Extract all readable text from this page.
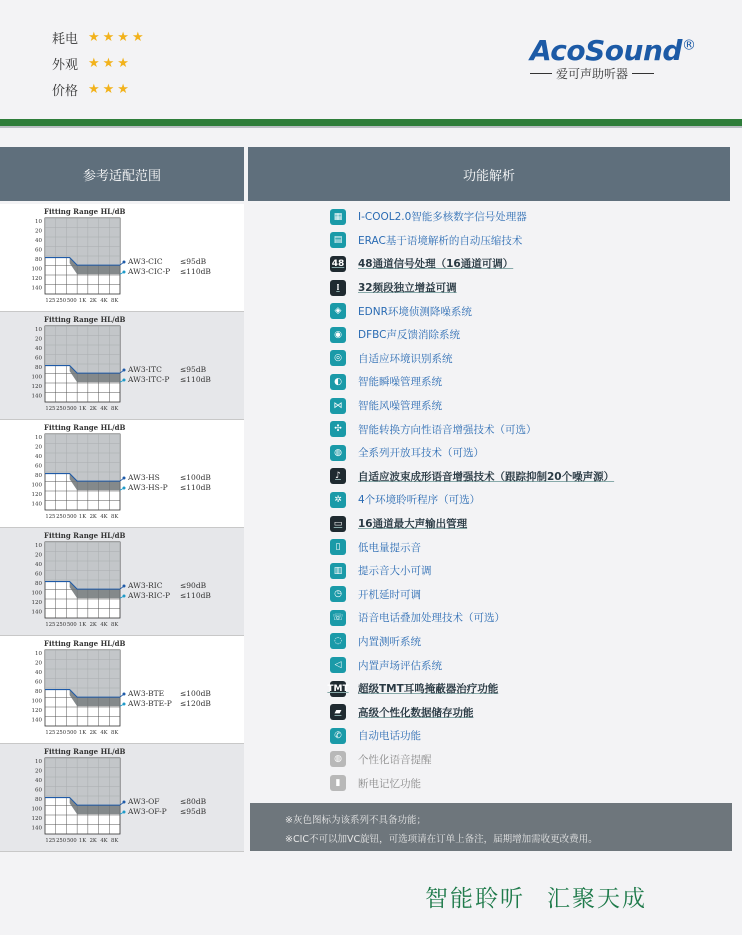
耗电 ★★★★
外观 ★★★
价格 ★★★
AcoSound®
爱可声助听器
参考适配范围	功能解析
Fitting Range HL/dB
10
20
40
60
80
100
120
140
125 250 500 1K 2K 4K 8K
AW3-CIC ≤95dB
AW3-CIC-P ≤110dB
Fitting Range HL/dB
10
20
40
60
80
100
120
140
125 250 500 1K 2K 4K 8K
AW3-ITC ≤95dB
AW3-ITC-P ≤110dB
Fitting Range HL/dB
10
20
40
60
80
100
120
140
125 250 500 1K 2K 4K 8K
AW3-HS	≤100dB
AW3-HS-P ≤110dB
Fitting Range HL/dB
10
20
40
60
80
100
120
140
125 250 500 1K 2K 4K 8K
AW3-RIC ≤90dB
AW3-RIC-P ≤110dB
Fitting Range HL/dB
10
20
40
60
80
100
120
140
125 250 500 1K 2K 4K 8K
AW3-BTE ≤100dB
AW3-BTE-P ≤120dB
Fitting Range HL/dB
10
20
40
60
80
100
120
140
125 250 500 1K 2K 4K 8K
AW3-OF	≤80dB
AW3-OF-P ≤95dB
▦	I-COOL2.0智能多核数字信号处理器
▤	ERAC基于语境解析的自动压缩技术
48 48通道信号处理（16通道可调）
⁞	32频段独立增益可调
◈	EDNR环境侦测降噪系统
◉	DFBC声反馈消除系统
◎	自适应环境识别系统
◐	智能瞬噪管理系统
⋈	智能风噪管理系统
✣	智能转换方向性语音增强技术（可选）
◍	全系列开放耳技术（可选）
♪	自适应波束成形语音增强技术（跟踪抑制20个噪声源）
✲	4个环境聆听程序（可选）
▭	16通道最大声输出管理
▯	低电量提示音
▥	提示音大小可调
◷	开机延时可调
☏ 语音电话叠加处理技术（可选）
◌	内置测听系统
◁	内置声场评估系统
TMT 超级TMT耳鸣掩蔽器治疗功能
▰	高级个性化数据储存功能
✆	自动电话功能
◍	个性化语音提醒
▮	断电记忆功能
※灰色图标为该系列不具备功能；
※CIC不可以加VC旋钮，可选项请在订单上备注，届期增加需收更改费用。
智能聆听 汇聚天成
